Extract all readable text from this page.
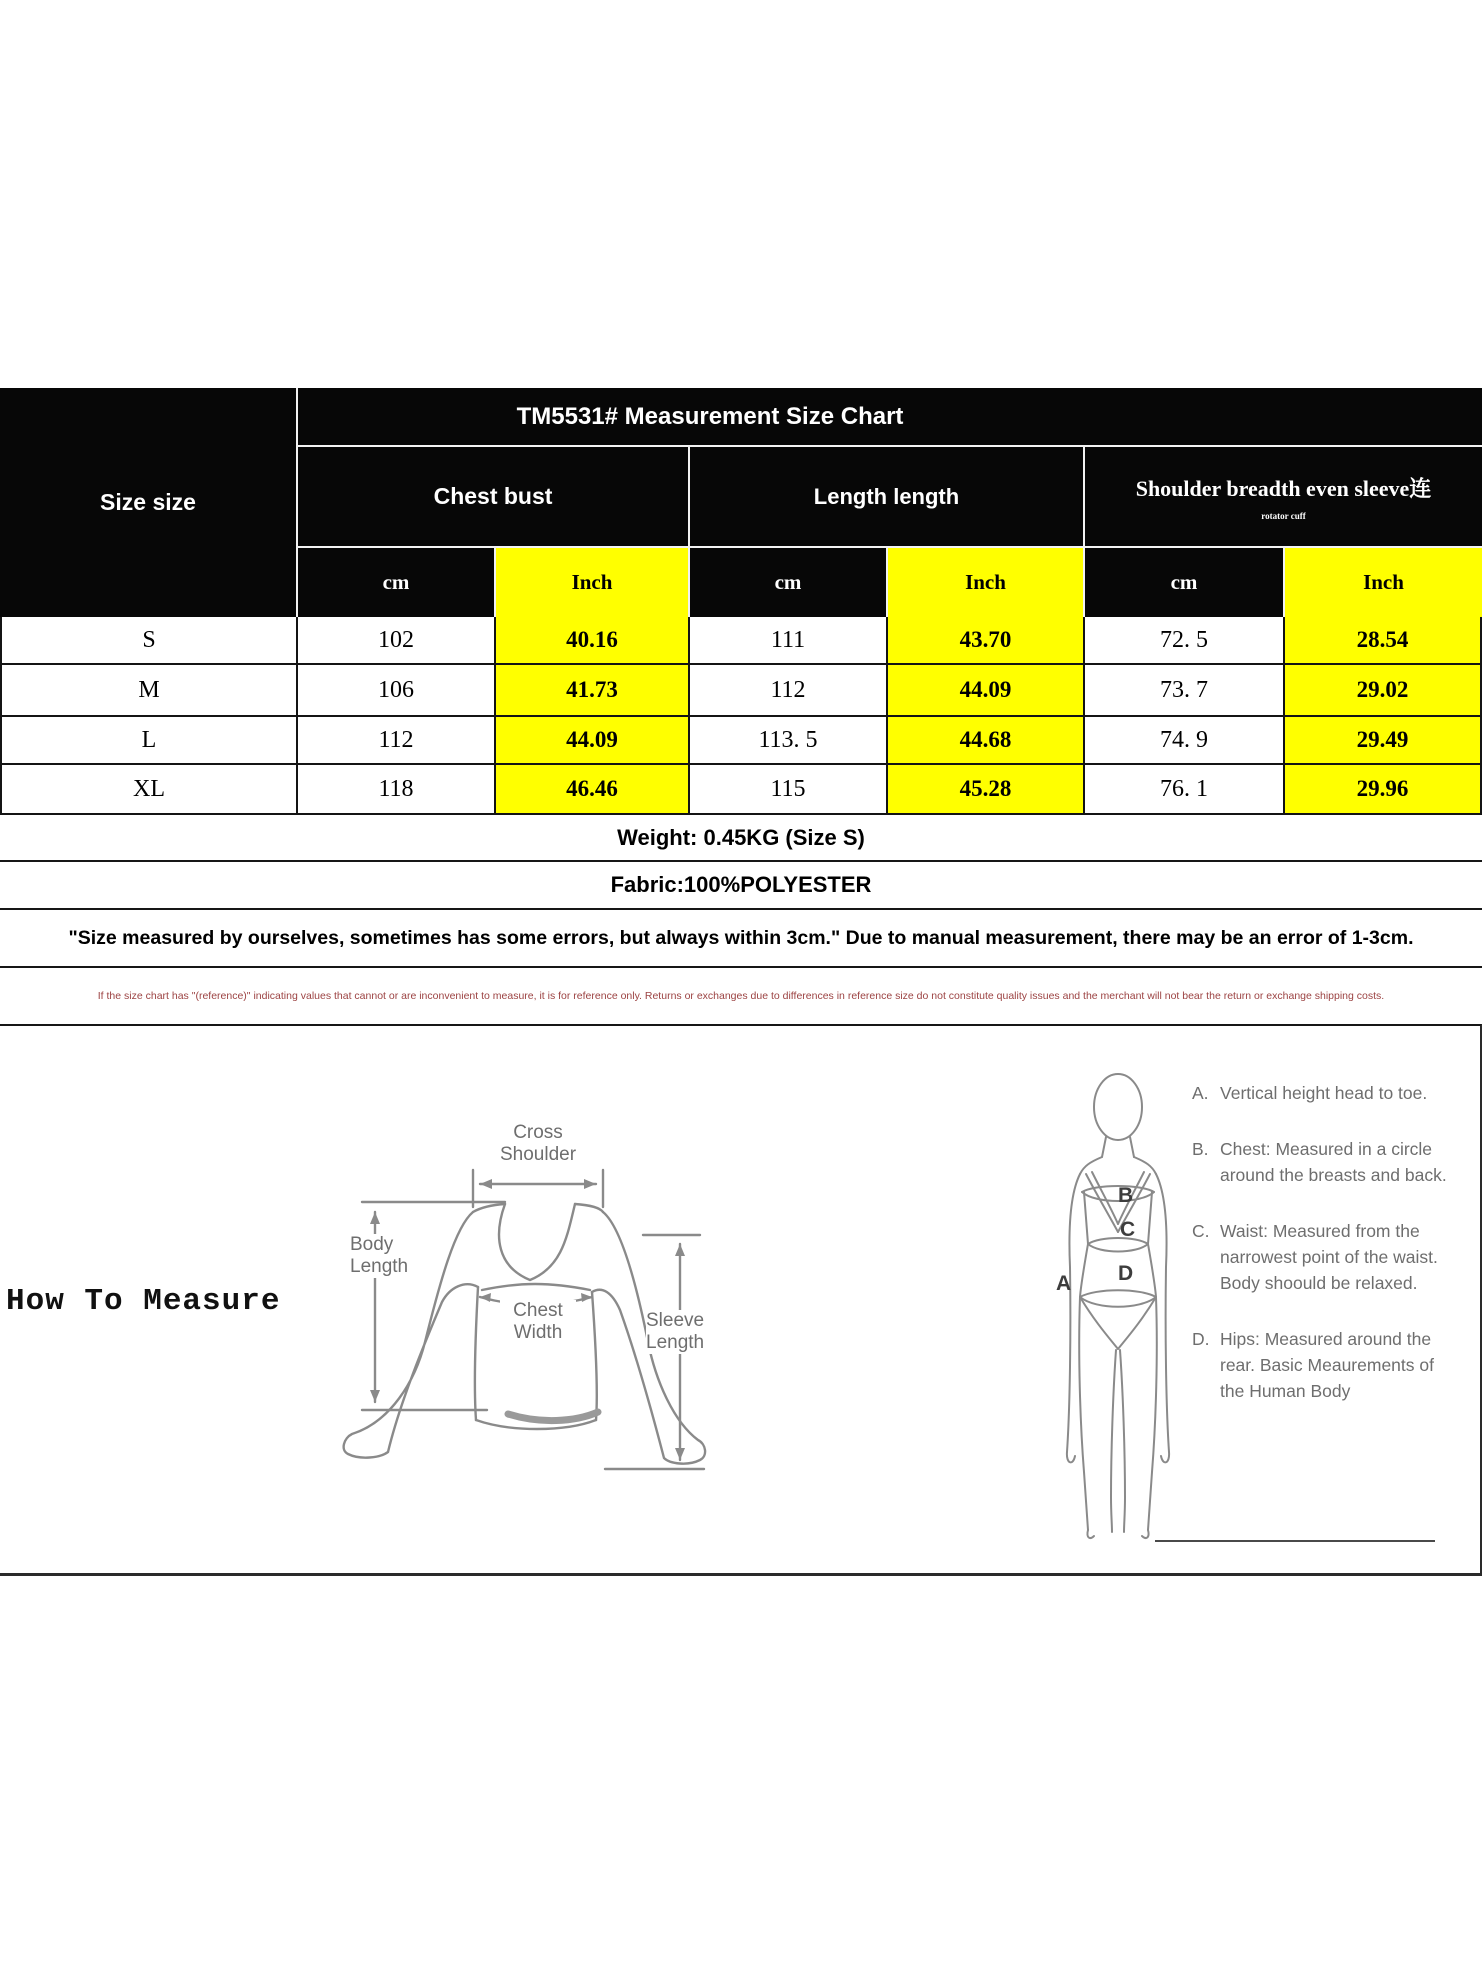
Size size
TM5531# Measurement Size Chart
Chest bust	Length length	Shoulder breadth even sleeve连
rotator cuff
cm	Inch	cm	Inch	cm	Inch
S	102	40.16	111	43.70	72. 5	28.54
M	106	41.73	112	44.09	73. 7	29.02
L	112	44.09	113. 5	44.68	74. 9	29.49
XL	118	46.46	115	45.28	76. 1	29.96
Weight: 0.45KG (Size S)
Fabric:100%POLYESTER
"Size measured by ourselves, sometimes has some errors, but always within 3cm." Due to manual measurement, there may be an error of 1-3cm.
If the size chart has "(reference)" indicating values that cannot or are inconvenient to measure, it is for reference only. Returns or exchanges due to differences in reference size do not constitute quality issues and the merchant will not bear the return or exchange shipping costs.
How To Measure
Cross Shoulder
Body Length
Chest Width
Sleeve Length
A
B
C
D
A. Vertical height head to toe.
B. Chest: Measured in a circle around the breasts and back.
C. Waist: Measured from the narrowest point of the waist. Body shoould be relaxed.
D. Hips: Measured around the rear. Basic Meaurements of the Human Body
